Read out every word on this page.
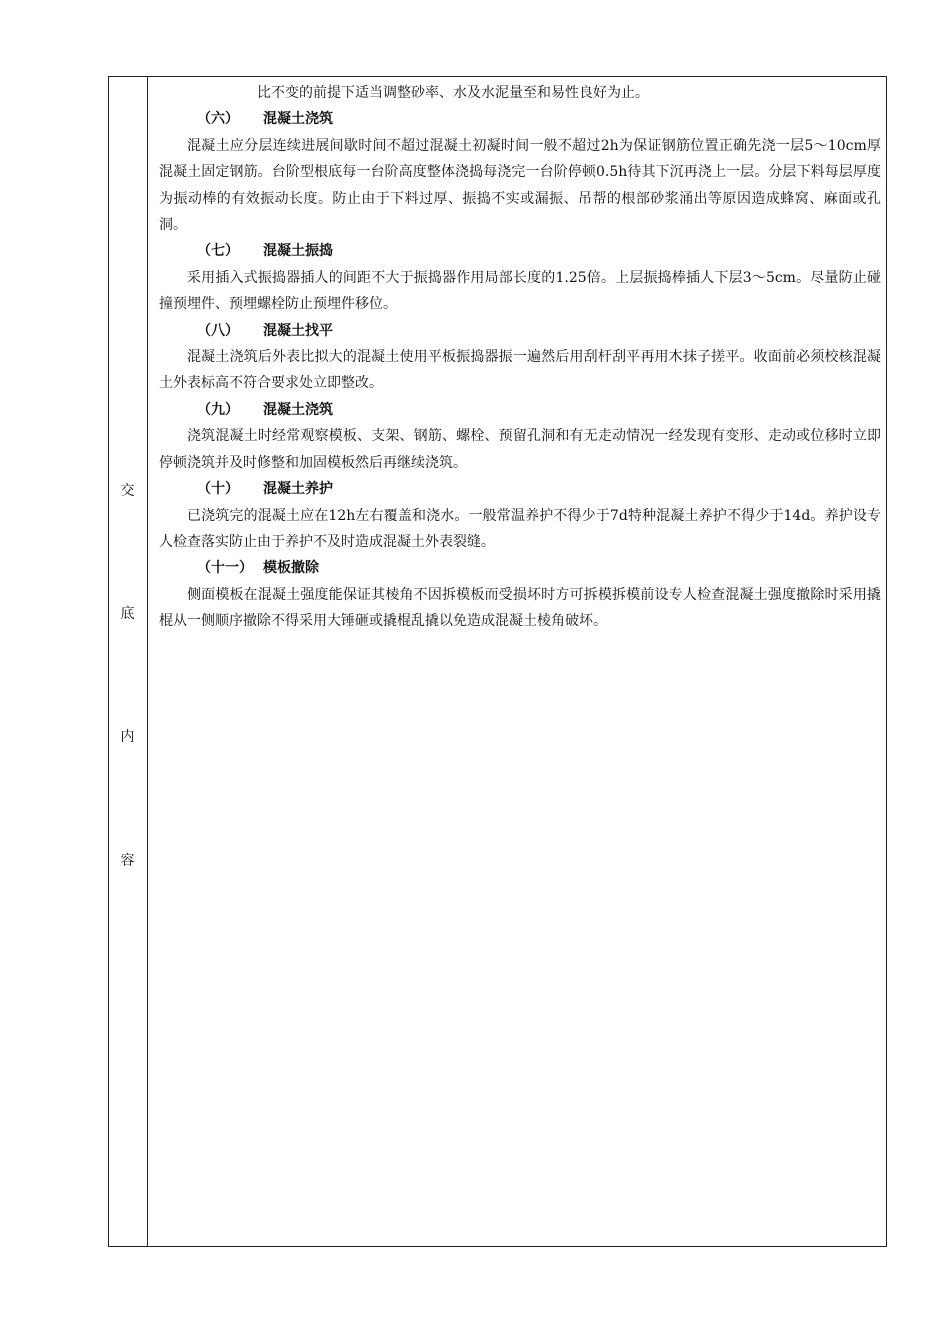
交
底
内
容

比不变的前提下适当调整砂率、水及水泥量至和易性良好为止。

（六） 混凝土浇筑

混凝土应分层连续进展间歇时间不超过混凝土初凝时间一般不超过2h为保证钢筋位置正确先浇一层5～10cm厚混凝土固定钢筋。台阶型根底每一台阶高度整体浇捣每浇完一台阶停顿0.5h待其下沉再浇上一层。分层下料每层厚度为振动棒的有效振动长度。防止由于下料过厚、振捣不实或漏振、吊帮的根部砂浆涌出等原因造成蜂窝、麻面或孔洞。

（七） 混凝土振捣

采用插入式振捣器插人的间距不大于振捣器作用局部长度的1.25倍。上层振捣棒插人下层3～5cm。尽量防止碰撞预埋件、预埋螺栓防止预埋件移位。

（八） 混凝土找平

混凝土浇筑后外表比拟大的混凝土使用平板振捣器振一遍然后用刮杆刮平再用木抹子搓平。收面前必须校核混凝土外表标高不符合要求处立即整改。

（九） 混凝土浇筑

浇筑混凝土时经常观察模板、支架、钢筋、螺栓、预留孔洞和有无走动情况一经发现有变形、走动或位移时立即停顿浇筑并及时修整和加固模板然后再继续浇筑。

（十） 混凝土养护

已浇筑完的混凝土应在12h左右覆盖和浇水。一般常温养护不得少于7d特种混凝土养护不得少于14d。养护设专人检查落实防止由于养护不及时造成混凝土外表裂缝。

（十一） 模板撤除

侧面模板在混凝土强度能保证其棱角不因拆模板而受损坏时方可拆模拆模前设专人检查混凝土强度撤除时采用撬棍从一侧顺序撤除不得采用大锤砸或撬棍乱撬以免造成混凝土棱角破坏。
